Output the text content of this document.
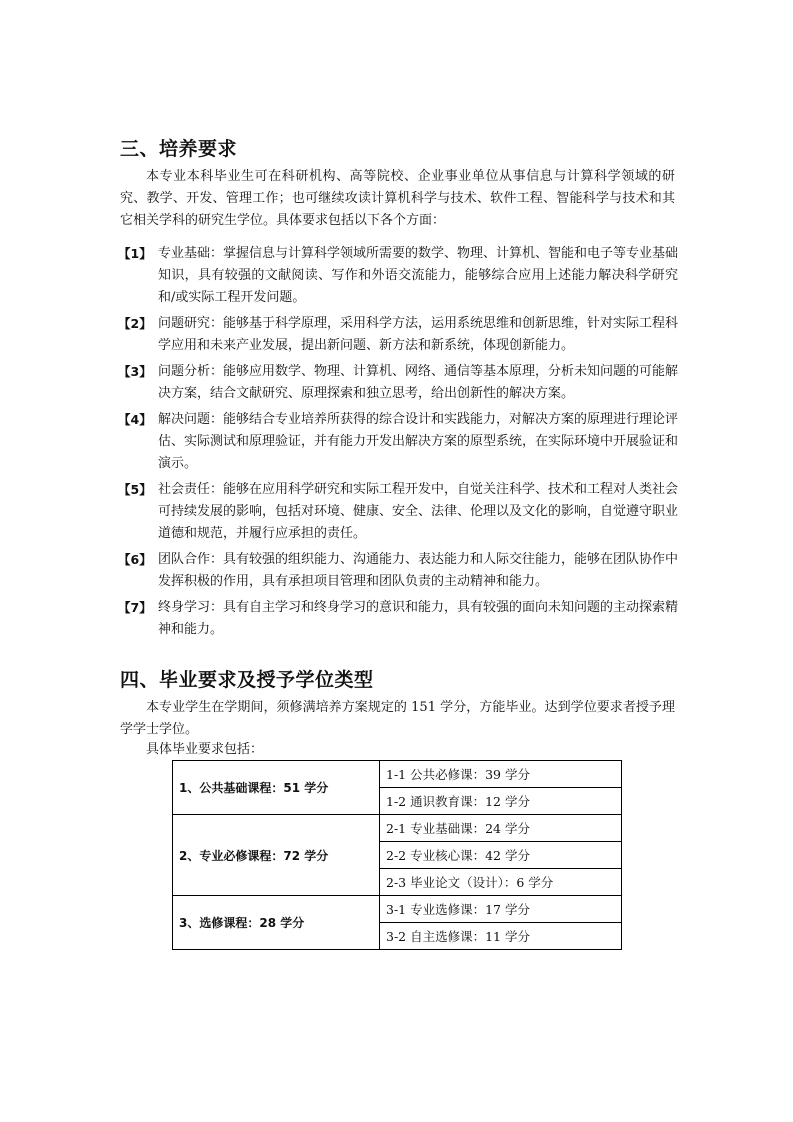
三、培养要求

本专业本科毕业生可在科研机构、高等院校、企业事业单位从事信息与计算科学领域的研究、教学、开发、管理工作；也可继续攻读计算机科学与技术、软件工程、智能科学与技术和其它相关学科的研究生学位。具体要求包括以下各个方面：

【1】 专业基础：掌握信息与计算科学领域所需要的数学、物理、计算机、智能和电子等专业基础知识，具有较强的文献阅读、写作和外语交流能力，能够综合应用上述能力解决科学研究和/或实际工程开发问题。
【2】 问题研究：能够基于科学原理，采用科学方法，运用系统思维和创新思维，针对实际工程科学应用和未来产业发展，提出新问题、新方法和新系统，体现创新能力。
【3】 问题分析：能够应用数学、物理、计算机、网络、通信等基本原理，分析未知问题的可能解决方案，结合文献研究、原理探索和独立思考，给出创新性的解决方案。
【4】 解决问题：能够结合专业培养所获得的综合设计和实践能力，对解决方案的原理进行理论评估、实际测试和原理验证，并有能力开发出解决方案的原型系统，在实际环境中开展验证和演示。
【5】 社会责任：能够在应用科学研究和实际工程开发中，自觉关注科学、技术和工程对人类社会可持续发展的影响，包括对环境、健康、安全、法律、伦理以及文化的影响，自觉遵守职业道德和规范，并履行应承担的责任。
【6】 团队合作：具有较强的组织能力、沟通能力、表达能力和人际交往能力，能够在团队协作中发挥积极的作用，具有承担项目管理和团队负责的主动精神和能力。
【7】 终身学习：具有自主学习和终身学习的意识和能力，具有较强的面向未知问题的主动探索精神和能力。
四、毕业要求及授予学位类型

本专业学生在学期间，须修满培养方案规定的 151 学分，方能毕业。达到学位要求者授予理学学士学位。

具体毕业要求包括：

1、公共基础课程：51 学分	1-1 公共必修课：39 学分
	1-2 通识教育课：12 学分
2、专业必修课程：72 学分	2-1 专业基础课：24 学分
	2-2 专业核心课：42 学分
	2-3 毕业论文（设计）：6 学分
3、选修课程：28 学分	3-1 专业选修课：17 学分
	3-2 自主选修课：11 学分
